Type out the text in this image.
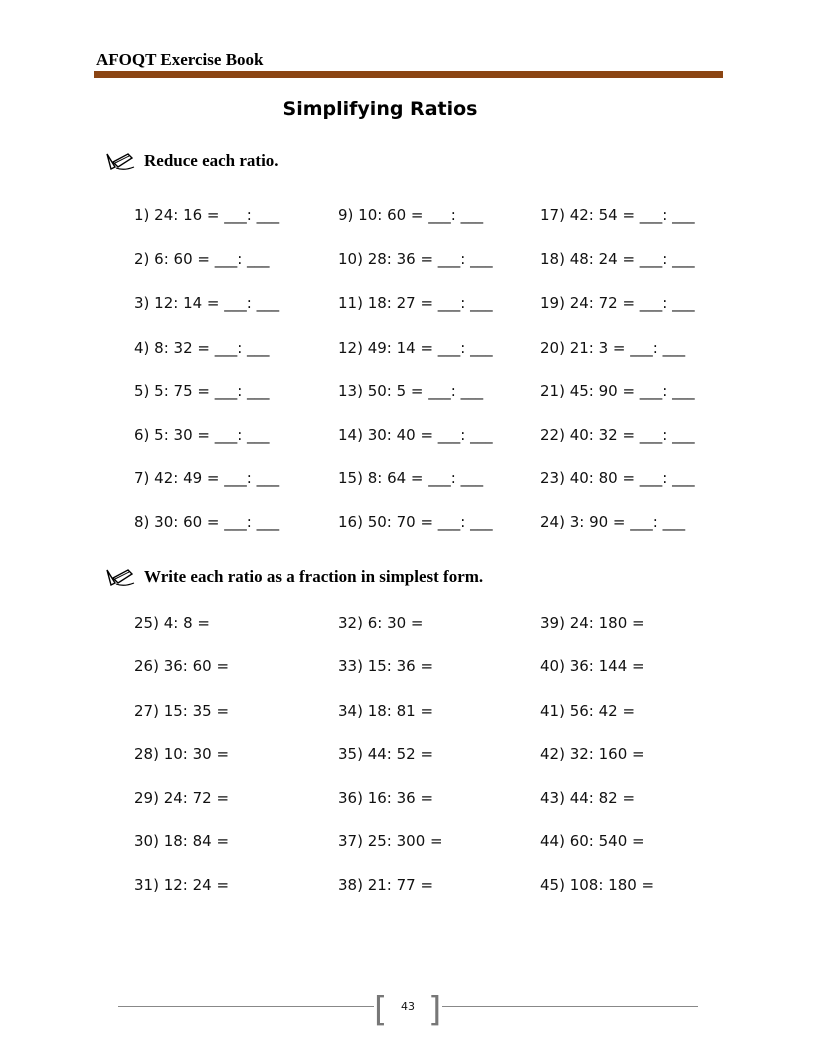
AFOQT Exercise Book
Simplifying Ratios
Reduce each ratio.
Write each ratio as a fraction in simplest form.
1) 24: 16 = ___: ___
2) 6: 60 = ___: ___
3) 12: 14 = ___: ___
4) 8: 32 = ___: ___
5) 5: 75 = ___: ___
6) 5: 30 = ___: ___
7) 42: 49 = ___: ___
8) 30: 60 = ___: ___
9) 10: 60 = ___: ___
10) 28: 36 = ___: ___
11) 18: 27 = ___: ___
12) 49: 14 = ___: ___
13) 50: 5 = ___: ___
14) 30: 40 = ___: ___
15) 8: 64 = ___: ___
16) 50: 70 = ___: ___
17) 42: 54 = ___: ___
18) 48: 24 = ___: ___
19) 24: 72 = ___: ___
20) 21: 3 = ___: ___
21) 45: 90 = ___: ___
22) 40: 32 = ___: ___
23) 40: 80 = ___: ___
24) 3: 90 = ___: ___
25) 4: 8 =
26) 36: 60 =
27) 15: 35 =
28) 10: 30 =
29) 24: 72 =
30) 18: 84 =
31) 12: 24 =
32) 6: 30 =
33) 15: 36 =
34) 18: 81 =
35) 44: 52 =
36) 16: 36 =
37) 25: 300 =
38) 21: 77 =
39) 24: 180 =
40) 36: 144 =
41) 56: 42 =
42) 32: 160 =
43) 44: 82 =
44) 60: 540 =
45) 108: 180 =
[ ]
43
